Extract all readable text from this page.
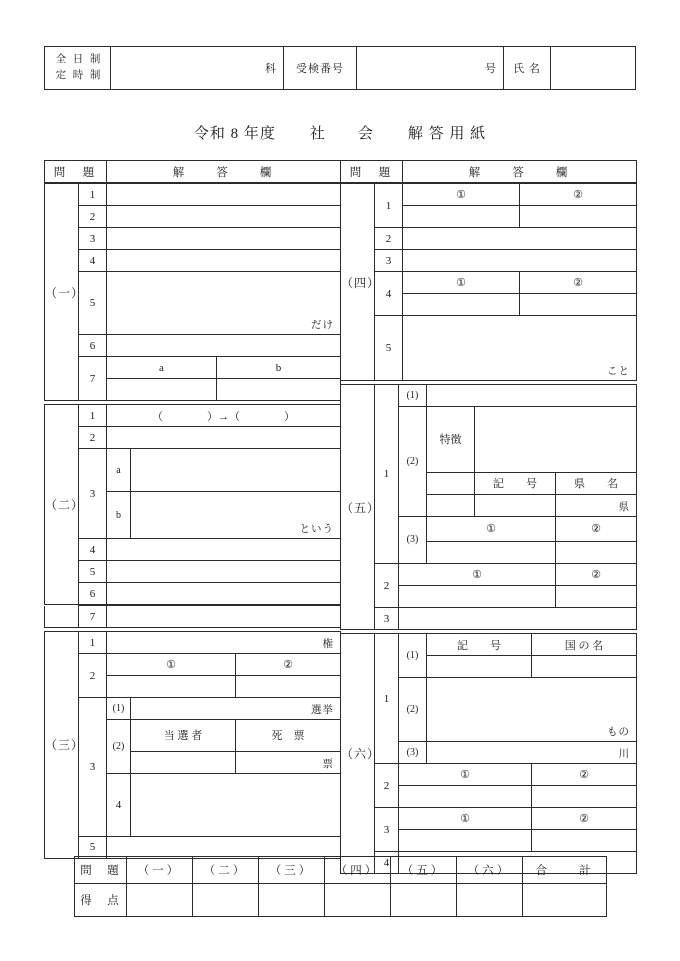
全 日 制
定 時 制
	科	受検番号	号	氏 名	
令和 8 年度 社　　会 解 答 用 紙
問　題	解　　答　　欄
（一）	1		
	2		
	3		
	4		
	5	だけ	

	6		
	7	a	b

（二）	1	（　　　　）→（　　　　）	
	2		
	3	a	

		b	という

	4		
	5		
	6		
	7	
（三）	1	権		

	2	①		②

	3	(1)	選挙	

		(2)	当 選 者	死　票

				票

		4		

	5			
問　題	解　　答　　欄
（四）	1	①	②

	2		
	3		
	4	①	②

	5	こと	

（五）	1	(1)			
		(2)	特徴		

				記　　号	県　　名

					県

		(3)	①		②

	2	①			②

	3				
（六）	1	(1)	記　　号	国 の 名

		(2)	もの	

		(3)	川	

	2	①		②

	3	①		②

	4			
問　題	（一）	（二）	（三）	（四）	（五）	（六）	合　　計
得　点							
